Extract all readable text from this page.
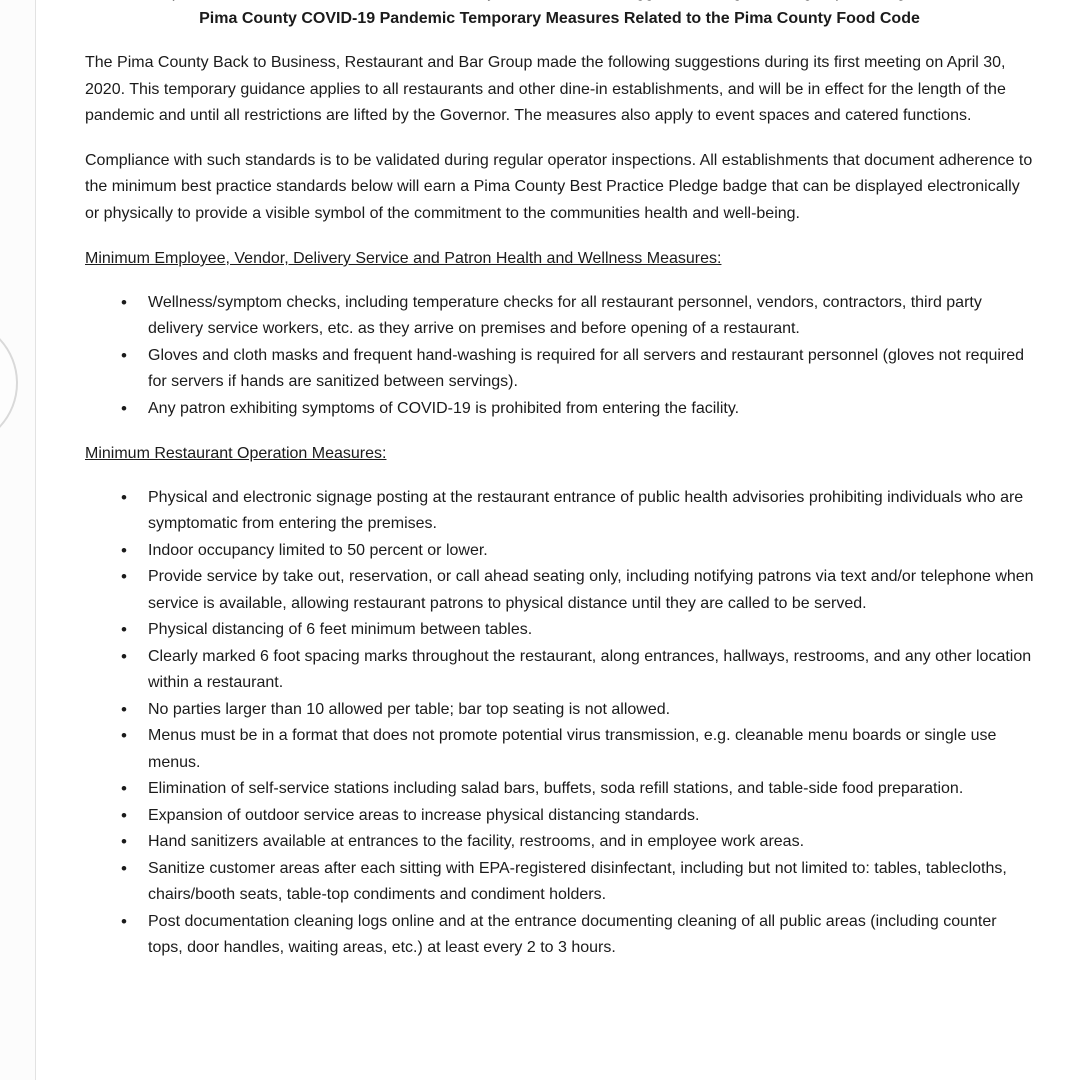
Pima County COVID-19 Pandemic Temporary Measures Related to the Pima County Food Code

The Pima County Back to Business, Restaurant and Bar Group made the following suggestions during its first meeting on April 30, 2020. This temporary guidance applies to all restaurants and other dine-in establishments, and will be in effect for the length of the pandemic and until all restrictions are lifted by the Governor. The measures also apply to event spaces and catered functions.

Compliance with such standards is to be validated during regular operator inspections. All establishments that document adherence to the minimum best practice standards below will earn a Pima County Best Practice Pledge badge that can be displayed electronically or physically to provide a visible symbol of the commitment to the communities health and well-being.

Minimum Employee, Vendor, Delivery Service and Patron Health and Wellness Measures:

• Wellness/symptom checks, including temperature checks for all restaurant personnel, vendors, contractors, third party delivery service workers, etc. as they arrive on premises and before opening of a restaurant.
• Gloves and cloth masks and frequent hand-washing is required for all servers and restaurant personnel (gloves not required for servers if hands are sanitized between servings).
• Any patron exhibiting symptoms of COVID-19 is prohibited from entering the facility.

Minimum Restaurant Operation Measures:

• Physical and electronic signage posting at the restaurant entrance of public health advisories prohibiting individuals who are symptomatic from entering the premises.
• Indoor occupancy limited to 50 percent or lower.
• Provide service by take out, reservation, or call ahead seating only, including notifying patrons via text and/or telephone when service is available, allowing restaurant patrons to physical distance until they are called to be served.
• Physical distancing of 6 feet minimum between tables.
• Clearly marked 6 foot spacing marks throughout the restaurant, along entrances, hallways, restrooms, and any other location within a restaurant.
• No parties larger than 10 allowed per table; bar top seating is not allowed.
• Menus must be in a format that does not promote potential virus transmission, e.g. cleanable menu boards or single use menus.
• Elimination of self-service stations including salad bars, buffets, soda refill stations, and table-side food preparation.
• Expansion of outdoor service areas to increase physical distancing standards.
• Hand sanitizers available at entrances to the facility, restrooms, and in employee work areas.
• Sanitize customer areas after each sitting with EPA-registered disinfectant, including but not limited to: tables, tablecloths, chairs/booth seats, table-top condiments and condiment holders.
• Post documentation cleaning logs online and at the entrance documenting cleaning of all public areas (including counter tops, door handles, waiting areas, etc.) at least every 2 to 3 hours.
